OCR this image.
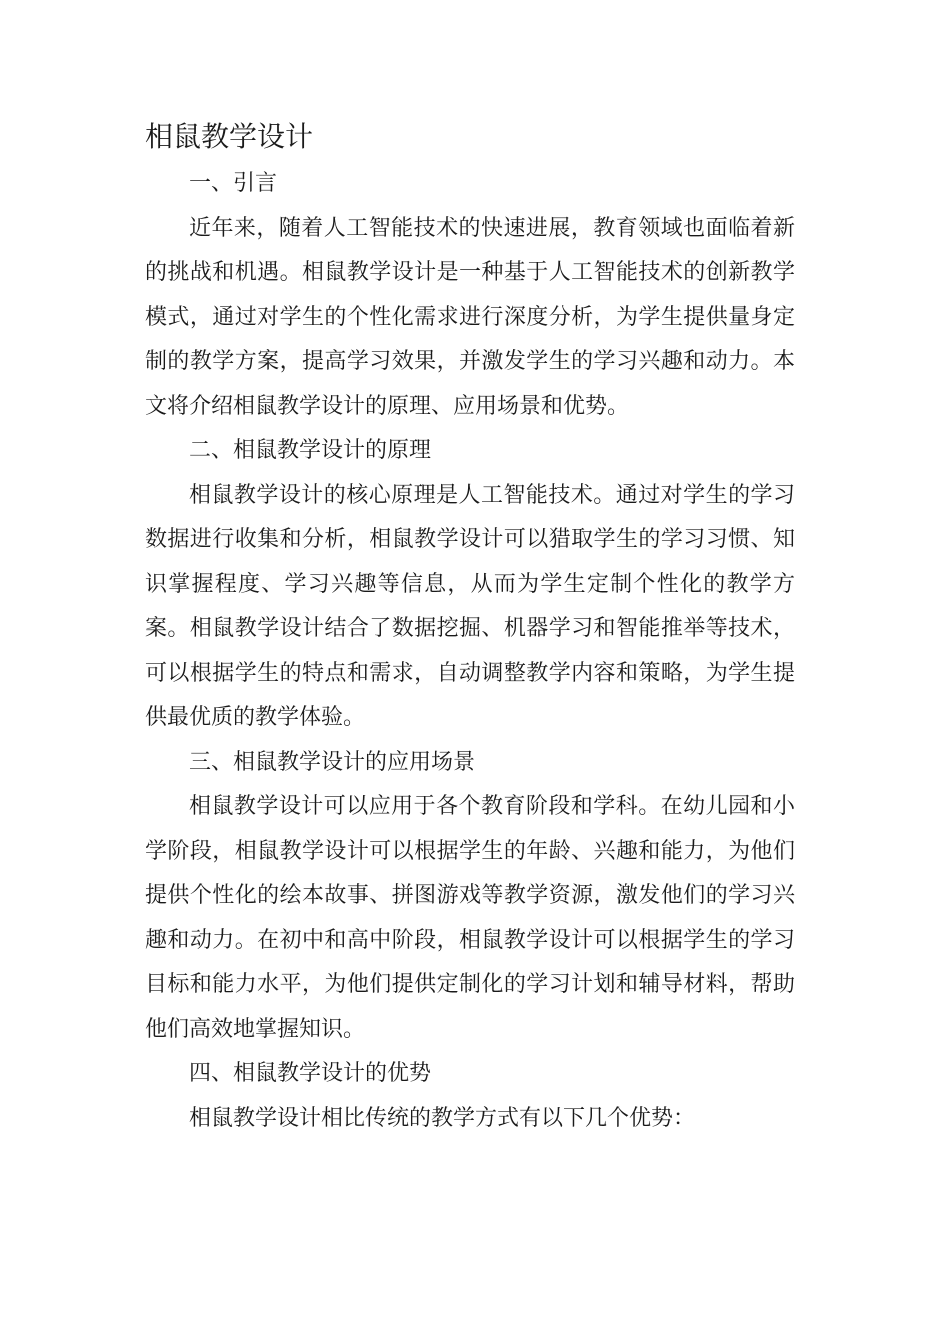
相鼠教学设计

一、引言

近年来，随着人工智能技术的快速进展，教育领域也面临着新的挑战和机遇。相鼠教学设计是一种基于人工智能技术的创新教学模式，通过对学生的个性化需求进行深度分析，为学生提供量身定制的教学方案，提高学习效果，并激发学生的学习兴趣和动力。本文将介绍相鼠教学设计的原理、应用场景和优势。

二、相鼠教学设计的原理

相鼠教学设计的核心原理是人工智能技术。通过对学生的学习数据进行收集和分析，相鼠教学设计可以猎取学生的学习习惯、知识掌握程度、学习兴趣等信息，从而为学生定制个性化的教学方案。相鼠教学设计结合了数据挖掘、机器学习和智能推举等技术，可以根据学生的特点和需求，自动调整教学内容和策略，为学生提供最优质的教学体验。

三、相鼠教学设计的应用场景

相鼠教学设计可以应用于各个教育阶段和学科。在幼儿园和小学阶段，相鼠教学设计可以根据学生的年龄、兴趣和能力，为他们提供个性化的绘本故事、拼图游戏等教学资源，激发他们的学习兴趣和动力。在初中和高中阶段，相鼠教学设计可以根据学生的学习目标和能力水平，为他们提供定制化的学习计划和辅导材料，帮助他们高效地掌握知识。

四、相鼠教学设计的优势

相鼠教学设计相比传统的教学方式有以下几个优势：
